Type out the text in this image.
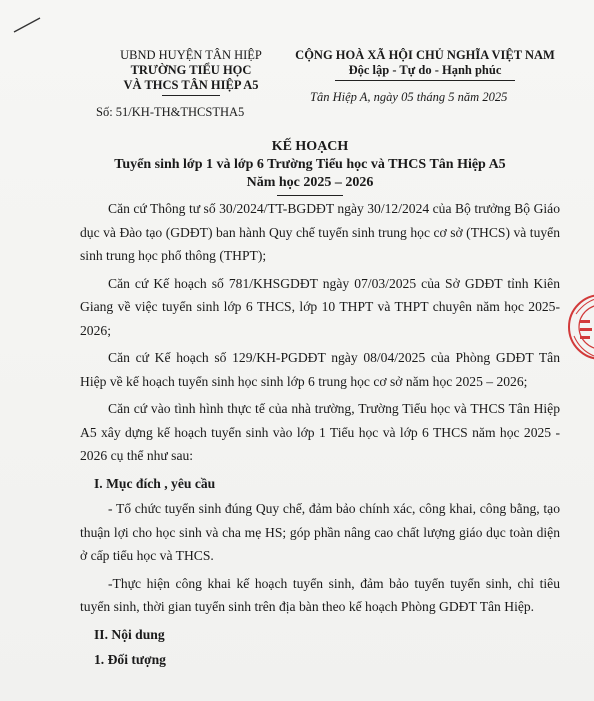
UBND HUYỆN TÂN HIỆP
TRƯỜNG TIỂU HỌC
VÀ THCS TÂN HIỆP A5
CỘNG HOÀ XÃ HỘI CHỦ NGHĨA VIỆT NAM
Độc lập - Tự do - Hạnh phúc
Số: 51/KH-TH&THCSTHA5
Tân Hiệp A, ngày 05 tháng 5 năm 2025
KẾ HOẠCH
Tuyển sinh lớp 1 và lớp 6 Trường Tiểu học và THCS Tân Hiệp A5
Năm học 2025 – 2026

Căn cứ Thông tư số 30/2024/TT-BGDĐT ngày 30/12/2024 của Bộ trưởng Bộ Giáo dục và Đào tạo (GDĐT) ban hành Quy chế tuyển sinh trung học cơ sở (THCS) và tuyển sinh trung học phổ thông (THPT);

Căn cứ Kế hoạch số 781/KHSGDĐT ngày 07/03/2025 của Sở GDĐT tỉnh Kiên Giang về việc tuyển sinh lớp 6 THCS, lớp 10 THPT và THPT chuyên năm học 2025-2026;

Căn cứ Kế hoạch số 129/KH-PGDĐT ngày 08/04/2025 của Phòng GDĐT Tân Hiệp về kế hoạch tuyển sinh học sinh lớp 6 trung học cơ sở năm học 2025 – 2026;

Căn cứ vào tình hình thực tế của nhà trường, Trường Tiểu học và THCS Tân Hiệp A5 xây dựng kế hoạch tuyển sinh vào lớp 1 Tiểu học và lớp 6 THCS năm học 2025 - 2026 cụ thể như sau:

I. Mục đích , yêu cầu

- Tổ chức tuyển sinh đúng Quy chế, đảm bảo chính xác, công khai, công bằng, tạo thuận lợi cho học sinh và cha mẹ HS; góp phần nâng cao chất lượng giáo dục toàn diện ở cấp tiểu học và THCS.

-Thực hiện công khai kế hoạch tuyển sinh, đảm bảo tuyển tuyển sinh, chỉ tiêu tuyển sinh, thời gian tuyển sinh trên địa bàn theo kế hoạch Phòng GDĐT Tân Hiệp.

II. Nội dung
1. Đối tượng
